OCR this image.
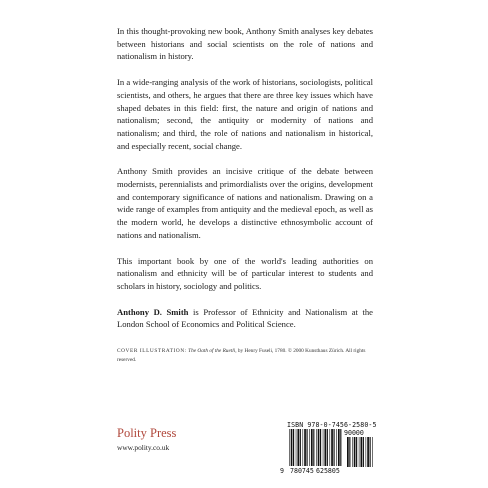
In this thought-provoking new book, Anthony Smith analyses key debates between historians and social scientists on the role of nations and nationalism in history.

In a wide-ranging analysis of the work of historians, sociologists, political scientists, and others, he argues that there are three key issues which have shaped debates in this field: first, the nature and origin of nations and nationalism; second, the antiquity or modernity of nations and nationalism; and third, the role of nations and nationalism in historical, and especially recent, social change.

Anthony Smith provides an incisive critique of the debate between modernists, perennialists and primordialists over the origins, development and contemporary significance of nations and nationalism. Drawing on a wide range of examples from antiquity and the medieval epoch, as well as the modern world, he develops a distinctive ethnosymbolic account of nations and nationalism.

This important book by one of the world's leading authorities on nationalism and ethnicity will be of particular interest to students and scholars in history, sociology and politics.

Anthony D. Smith is Professor of Ethnicity and Nationalism at the London School of Economics and Political Science.

COVER ILLUSTRATION: The Oath of the Ruetli, by Henry Fuseli, 1780. © 2000 Kunsthaus Zürich. All rights reserved.
Polity Press
www.polity.co.uk
ISBN 978-0-7456-2580-5
90000
9 780745 625805
